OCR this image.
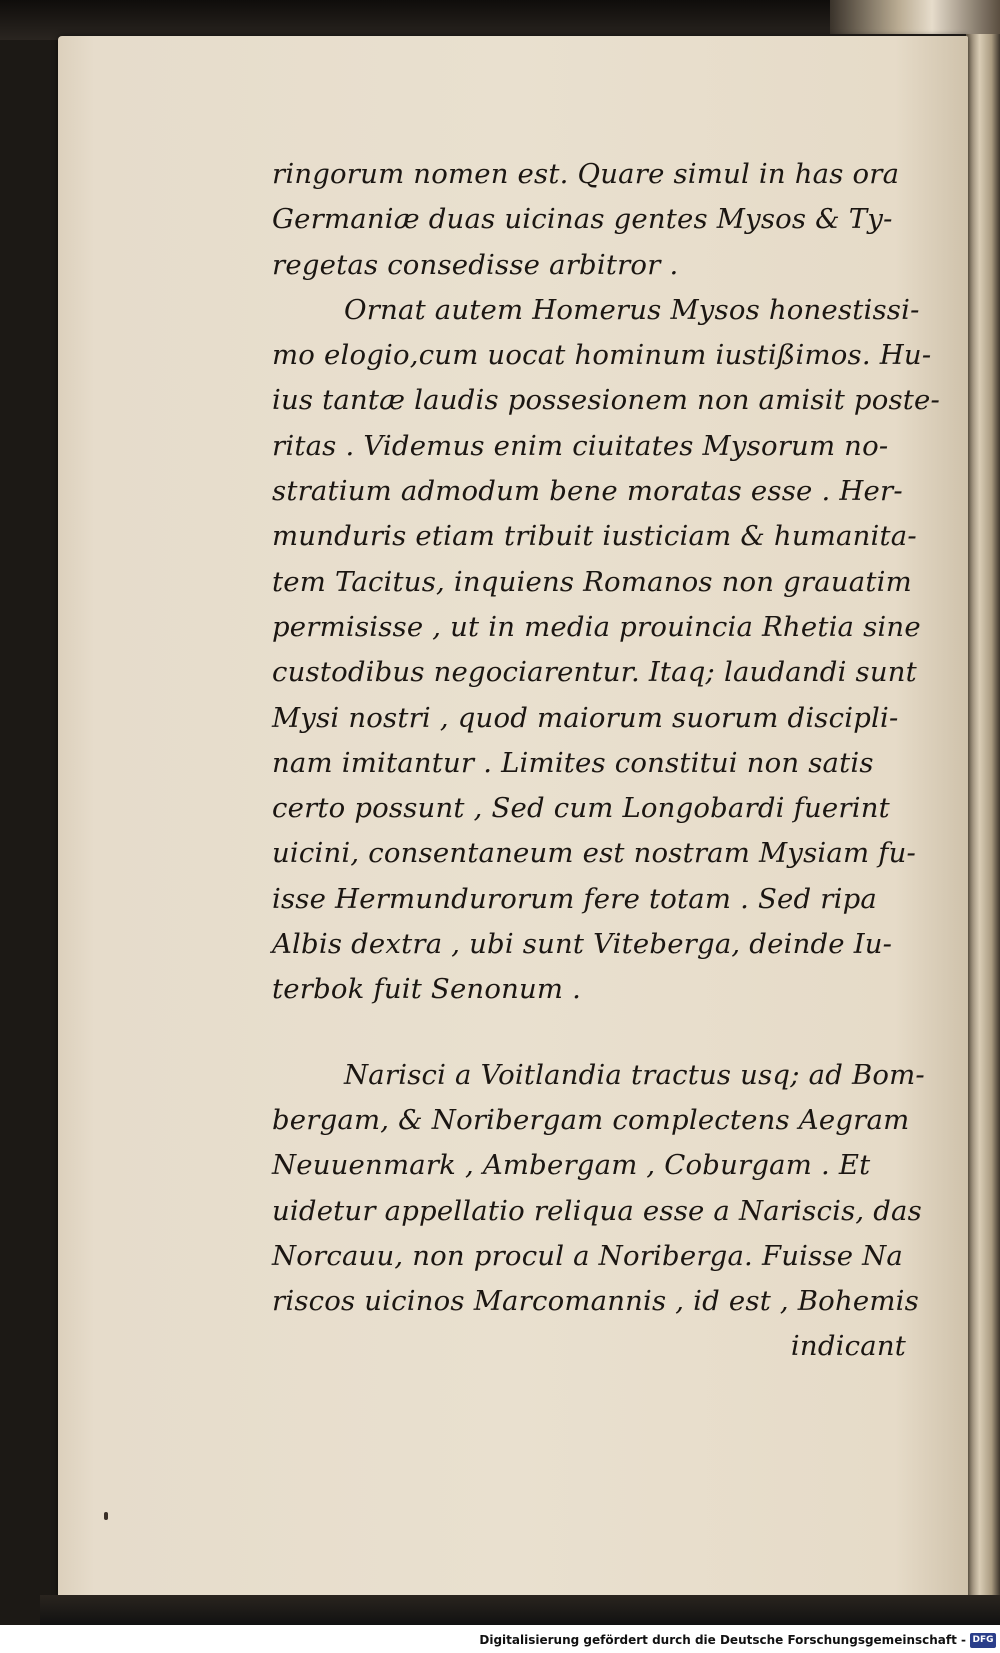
ringorum nomen est. Quare simul in has ora
Germaniæ duas uicinas gentes Mysos & Ty-
regetas consedisse arbitror .
Ornat autem Homerus Mysos honestissi-
mo elogio,cum uocat hominum iustißimos. Hu-
ius tantæ laudis possesionem non amisit poste-
ritas . Videmus enim ciuitates Mysorum no-
stratium admodum bene moratas esse . Her-
munduris etiam tribuit iusticiam & humanita-
tem Tacitus, inquiens Romanos non grauatim
permisisse , ut in media prouincia Rhetia sine
custodibus negociarentur. Itaq; laudandi sunt
Mysi nostri , quod maiorum suorum discipli-
nam imitantur . Limites constitui non satis
certo possunt , Sed cum Longobardi fuerint
uicini, consentaneum est nostram Mysiam fu-
isse Hermundurorum fere totam . Sed ripa
Albis dextra , ubi sunt Viteberga, deinde Iu-
terbok fuit Senonum .
Narisci a Voitlandia tractus usq; ad Bom-
bergam, & Noribergam complectens Aegram
Neuuenmark , Ambergam , Coburgam . Et
uidetur appellatio reliqua esse a Nariscis, das
Norcauu, non procul a Noriberga. Fuisse Na
riscos uicinos Marcomannis , id est , Bohemis
indicant
Digitalisierung gefördert durch die Deutsche Forschungsgemeinschaft - DFG
